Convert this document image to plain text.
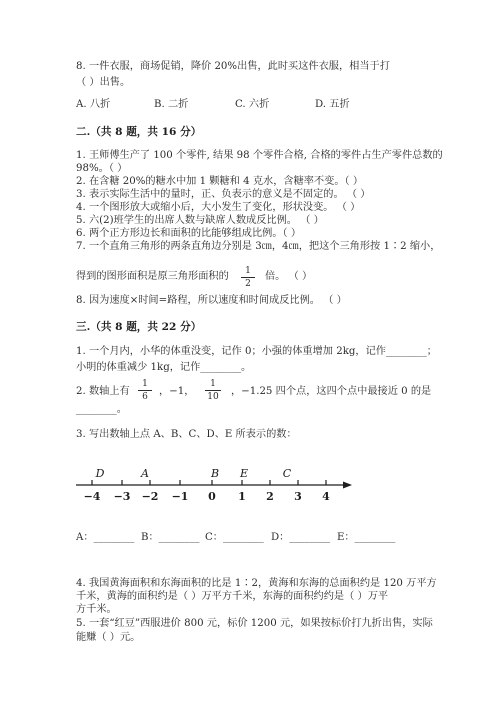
8. 一件衣服，商场促销，降价 20%出售，此时买这件衣服，相当于打
（ ）出售。
A. 八折	B. 二折	C. 六折	D. 五折
二.（共 8 题，共 16 分）
1. 王师傅生产了 100 个零件, 结果 98 个零件合格, 合格的零件占生产零件总数的
98%。（ ）
2. 在含糖 20%的糖水中加 1 颗糖和 4 克水，含糖率不变。（ ）
3. 表示实际生活中的量时，正、负表示的意义是不固定的。 （ ）
4. 一个图形放大或缩小后，大小发生了变化，形状没变。 （ ）
5. 六(2)班学生的出席人数与缺席人数成反比例。 （ ）
6. 两个正方形边长和面积的比能够组成比例。（ ）
7. 一个直角三角形的两条直角边分别是 3㎝，4㎝，把这个三角形按 1∶2 缩小，
得到的图形面积是原三角形面积的 $\frac{1}{2}$ 倍。 （ ）
8. 因为速度×时间=路程，所以速度和时间成反比例。 （ ）
三.（共 8 题，共 22 分）
1. 一个月内，小华的体重没变，记作 0；小强的体重增加 2kg，记作________；
小明的体重减少 1kg，记作________。
2. 数轴上有 $\frac{1}{6}$ ，−1， $\frac{1}{10}$ ，−1.25 四个点，这四个点中最接近 0 的是
________。
3. 写出数轴上点 A、B、C、D、E 所表示的数：
−4 −3 −2 −1 0 1 2 3 4
D	A	B E	C
A：________ B：________ C：________ D：________ E：________
4. 我国黄海面积和东海面积的比是 1∶2，黄海和东海的总面积约是 120 万平方
千米，黄海的面积约是（ ）万平方千米，东海的面积约约是（ ）万平
方千米。
5. 一套“红豆”西服进价 800 元，标价 1200 元，如果按标价打九折出售，实际
能赚（ ）元。
